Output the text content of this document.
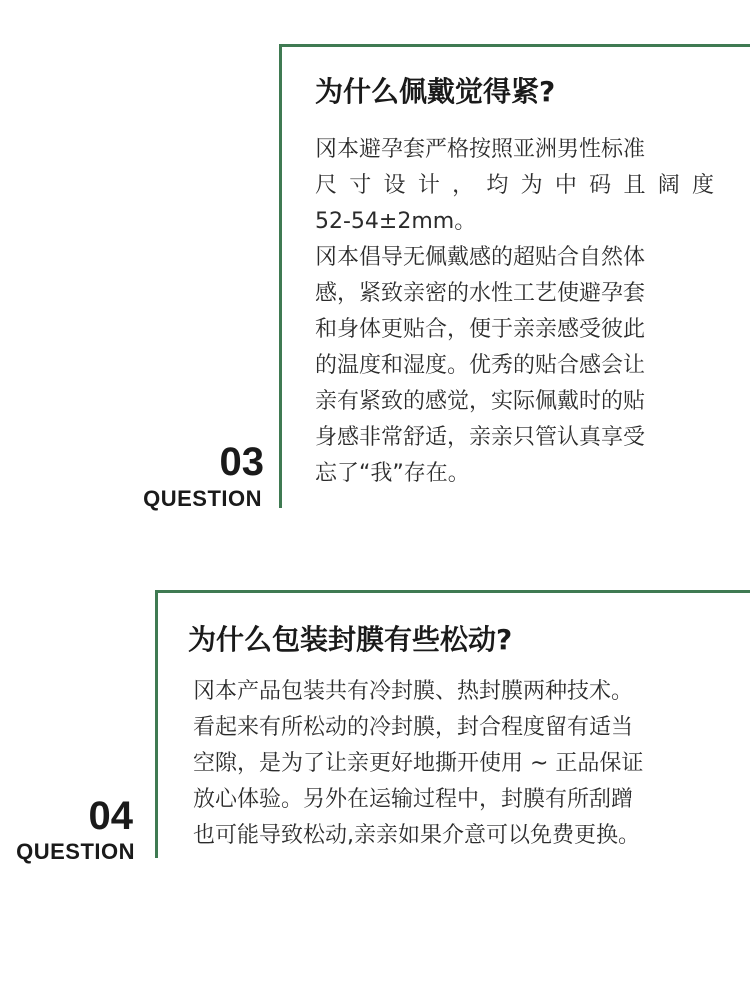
为什么佩戴觉得紧?

冈本避孕套严格按照亚洲男性标准

尺寸设计，均为中码且阔度

52-54±2mm。

冈本倡导无佩戴感的超贴合自然体

感，紧致亲密的水性工艺使避孕套

和身体更贴合，便于亲亲感受彼此

的温度和湿度。优秀的贴合感会让

亲有紧致的感觉，实际佩戴时的贴

身感非常舒适，亲亲只管认真享受

忘了“我”存在。

03
QUESTION
为什么包装封膜有些松动?

冈本产品包装共有冷封膜、热封膜两种技术。

看起来有所松动的冷封膜，封合程度留有适当

空隙，是为了让亲更好地撕开使用 ~ 正品保证

放心体验。另外在运输过程中，封膜有所刮蹭

也可能导致松动,亲亲如果介意可以免费更换。

04
QUESTION
